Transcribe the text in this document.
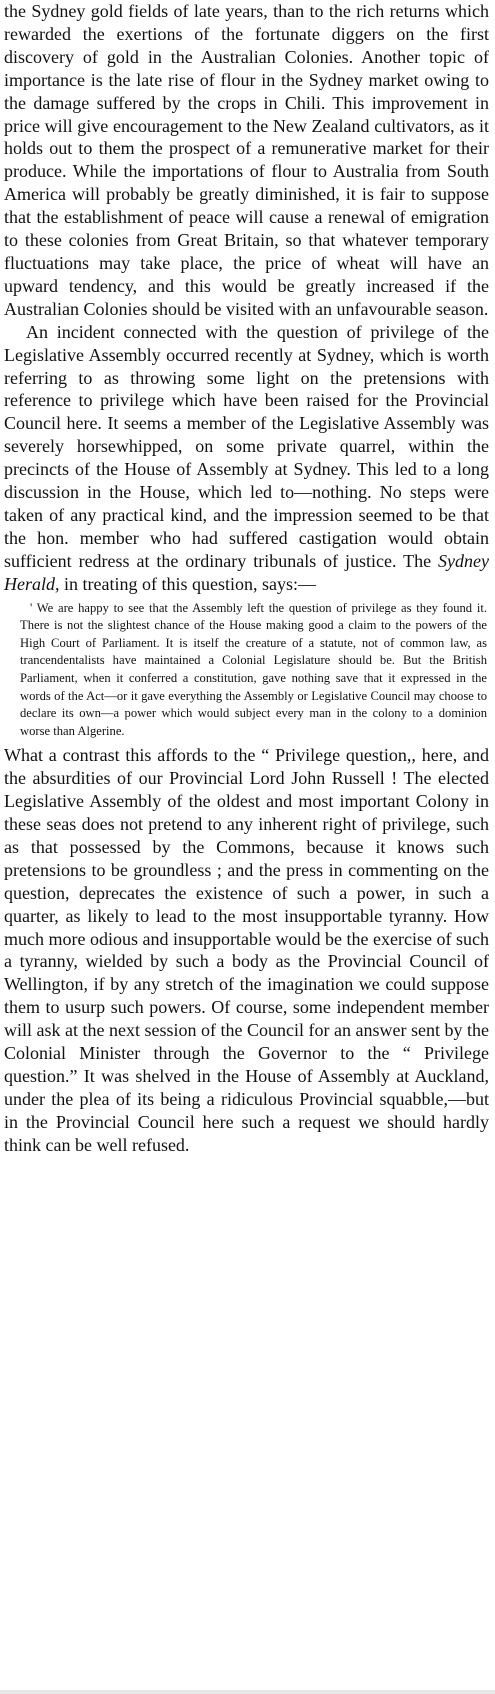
the Sydney gold fields of late years, than to the rich returns which rewarded the exertions of the fortunate diggers on the first discovery of gold in the Australian Colonies. Another topic of importance is the late rise of flour in the Sydney market owing to the damage suffered by the crops in Chili. This improvement in price will give encouragement to the New Zealand cultivators, as it holds out to them the prospect of a remunerative market for their produce. While the importations of flour to Australia from South America will probably be greatly diminished, it is fair to suppose that the establishment of peace will cause a renewal of emigration to these colonies from Great Britain, so that whatever temporary fluctuations may take place, the price of wheat will have an upward tendency, and this would be greatly increased if the Australian Colonies should be visited with an unfavourable season.

An incident connected with the question of privilege of the Legislative Assembly occurred recently at Sydney, which is worth referring to as throwing some light on the pretensions with reference to privilege which have been raised for the Provincial Council here. It seems a member of the Legislative Assembly was severely horsewhipped, on some private quarrel, within the precincts of the House of Assembly at Sydney. This led to a long discussion in the House, which led to—nothing. No steps were taken of any practical kind, and the impression seemed to be that the hon. member who had suffered castigation would obtain sufficient redress at the ordinary tribunals of justice. The Sydney Herald, in treating of this question, says:—

' We are happy to see that the Assembly left the question of privilege as they found it. There is not the slightest chance of the House making good a claim to the powers of the High Court of Parliament. It is itself the creature of a statute, not of common law, as trancendentalists have maintained a Colonial Legislature should be. But the British Parliament, when it conferred a constitution, gave nothing save that it expressed in the words of the Act—or it gave everything the Assembly or Legislative Council may choose to declare its own—a power which would subject every man in the colony to a dominion worse than Algerine.

What a contrast this affords to the “ Privilege question,, here, and the absurdities of our Provincial Lord John Russell ! The elected Legislative Assembly of the oldest and most important Colony in these seas does not pretend to any inherent right of privilege, such as that possessed by the Commons, because it knows such pretensions to be groundless ; and the press in commenting on the question, deprecates the existence of such a power, in such a quarter, as likely to lead to the most insupportable tyranny. How much more odious and insupportable would be the exercise of such a tyranny, wielded by such a body as the Provincial Council of Wellington, if by any stretch of the imagination we could suppose them to usurp such powers. Of course, some independent member will ask at the next session of the Council for an answer sent by the Colonial Minister through the Governor to the “ Privilege question.” It was shelved in the House of Assembly at Auckland, under the plea of its being a ridiculous Provincial squabble,—but in the Provincial Council here such a request we should hardly think can be well refused.
